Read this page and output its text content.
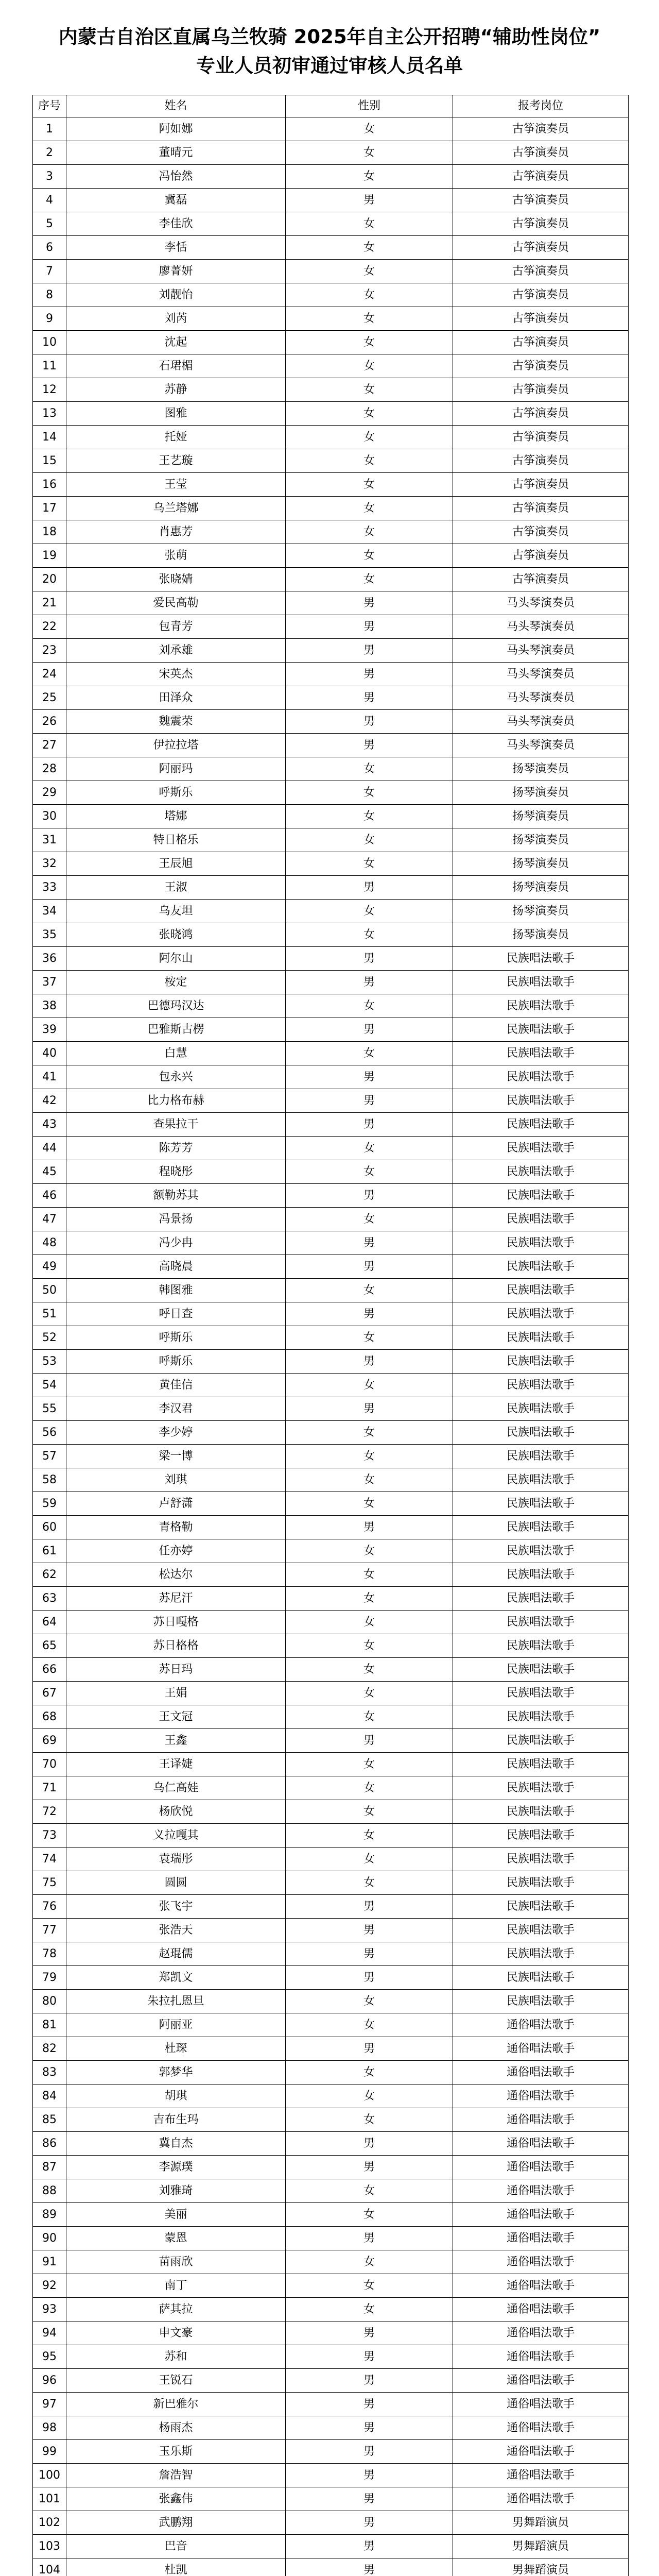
内蒙古自治区直属乌兰牧骑 2025年自主公开招聘“辅助性岗位”

专业人员初审通过审核人员名单

序号	姓名	性别	报考岗位
1	阿如娜	女	古筝演奏员
2	董晴元	女	古筝演奏员
3	冯怡然	女	古筝演奏员
4	冀磊	男	古筝演奏员
5	李佳欣	女	古筝演奏员
6	李恬	女	古筝演奏员
7	廖菁妍	女	古筝演奏员
8	刘靓怡	女	古筝演奏员
9	刘芮	女	古筝演奏员
10	沈起	女	古筝演奏员
11	石珺楣	女	古筝演奏员
12	苏静	女	古筝演奏员
13	图雅	女	古筝演奏员
14	托娅	女	古筝演奏员
15	王艺璇	女	古筝演奏员
16	王莹	女	古筝演奏员
17	乌兰塔娜	女	古筝演奏员
18	肖惠芳	女	古筝演奏员
19	张萌	女	古筝演奏员
20	张晓婧	女	古筝演奏员
21	爱民高勒	男	马头琴演奏员
22	包青芳	男	马头琴演奏员
23	刘承雄	男	马头琴演奏员
24	宋英杰	男	马头琴演奏员
25	田泽众	男	马头琴演奏员
26	魏震荣	男	马头琴演奏员
27	伊拉拉塔	男	马头琴演奏员
28	阿丽玛	女	扬琴演奏员
29	呼斯乐	女	扬琴演奏员
30	塔娜	女	扬琴演奏员
31	特日格乐	女	扬琴演奏员
32	王辰旭	女	扬琴演奏员
33	王淑	男	扬琴演奏员
34	乌友坦	女	扬琴演奏员
35	张晓鸿	女	扬琴演奏员
36	阿尔山	男	民族唱法歌手
37	桉定	男	民族唱法歌手
38	巴德玛汉达	女	民族唱法歌手
39	巴雅斯古楞	男	民族唱法歌手
40	白慧	女	民族唱法歌手
41	包永兴	男	民族唱法歌手
42	比力格布赫	男	民族唱法歌手
43	查果拉干	男	民族唱法歌手
44	陈芳芳	女	民族唱法歌手
45	程晓彤	女	民族唱法歌手
46	额勒苏其	男	民族唱法歌手
47	冯景扬	女	民族唱法歌手
48	冯少冉	男	民族唱法歌手
49	高晓晨	男	民族唱法歌手
50	韩图雅	女	民族唱法歌手
51	呼日查	男	民族唱法歌手
52	呼斯乐	女	民族唱法歌手
53	呼斯乐	男	民族唱法歌手
54	黄佳信	女	民族唱法歌手
55	李汉君	男	民族唱法歌手
56	李少婷	女	民族唱法歌手
57	梁一博	女	民族唱法歌手
58	刘琪	女	民族唱法歌手
59	卢舒潇	女	民族唱法歌手
60	青格勒	男	民族唱法歌手
61	任亦婷	女	民族唱法歌手
62	松达尔	女	民族唱法歌手
63	苏尼汗	女	民族唱法歌手
64	苏日嘎格	女	民族唱法歌手
65	苏日格格	女	民族唱法歌手
66	苏日玛	女	民族唱法歌手
67	王娟	女	民族唱法歌手
68	王文冠	女	民族唱法歌手
69	王鑫	男	民族唱法歌手
70	王译婕	女	民族唱法歌手
71	乌仁高娃	女	民族唱法歌手
72	杨欣悦	女	民族唱法歌手
73	义拉嘎其	女	民族唱法歌手
74	袁瑞彤	女	民族唱法歌手
75	圆圆	女	民族唱法歌手
76	张飞宇	男	民族唱法歌手
77	张浩天	男	民族唱法歌手
78	赵琨儒	男	民族唱法歌手
79	郑凯文	男	民族唱法歌手
80	朱拉扎恩旦	女	民族唱法歌手
81	阿丽亚	女	通俗唱法歌手
82	杜琛	男	通俗唱法歌手
83	郭梦华	女	通俗唱法歌手
84	胡琪	女	通俗唱法歌手
85	吉布生玛	女	通俗唱法歌手
86	冀自杰	男	通俗唱法歌手
87	李源璞	男	通俗唱法歌手
88	刘雅琦	女	通俗唱法歌手
89	美丽	女	通俗唱法歌手
90	蒙恩	男	通俗唱法歌手
91	苗雨欣	女	通俗唱法歌手
92	南丁	女	通俗唱法歌手
93	萨其拉	女	通俗唱法歌手
94	申文豪	男	通俗唱法歌手
95	苏和	男	通俗唱法歌手
96	王锐石	男	通俗唱法歌手
97	新巴雅尔	男	通俗唱法歌手
98	杨雨杰	男	通俗唱法歌手
99	玉乐斯	男	通俗唱法歌手
100	詹浩智	男	通俗唱法歌手
101	张鑫伟	男	通俗唱法歌手
102	武鹏翔	男	男舞蹈演员
103	巴音	男	男舞蹈演员
104	杜凯	男	男舞蹈演员
